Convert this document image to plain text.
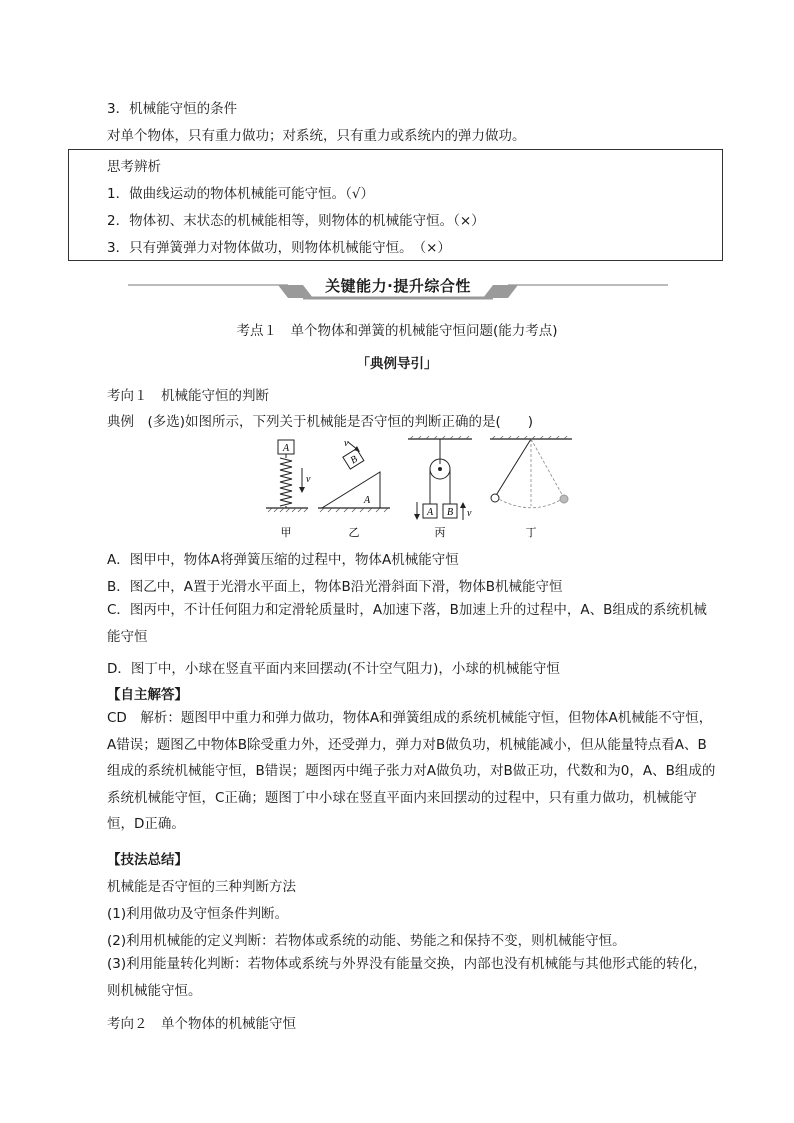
3．机械能守恒的条件
对单个物体，只有重力做功；对系统，只有重力或系统内的弹力做功。
思考辨析
1．做曲线运动的物体机械能可能守恒。（√）
2．物体初、末状态的机械能相等，则物体的机械能守恒。（×）
3．只有弹簧弹力对物体做功，则物体机械能守恒。　（×）
关键能力·提升综合性
考点１　单个物体和弹簧的机械能守恒问题(能力考点)
「典例导引」
考向１　机械能守恒的判断
典例　(多选)如图所示，下列关于机械能是否守恒的判断正确的是(　　)
A
v
A
B
v
A B v
甲	乙	丙	丁
A．图甲中，物体A将弹簧压缩的过程中，物体A机械能守恒
B．图乙中，A置于光滑水平面上，物体B沿光滑斜面下滑，物体B机械能守恒
C．图丙中，不计任何阻力和定滑轮质量时，A加速下落，B加速上升的过程中，A、B组成的系统机械能守恒
D．图丁中，小球在竖直平面内来回摆动(不计空气阻力)，小球的机械能守恒
【自主解答】
CD　解析：题图甲中重力和弹力做功，物体A和弹簧组成的系统机械能守恒，但物体A机械能不守恒，A错误；题图乙中物体B除受重力外，还受弹力，弹力对B做负功，机械能减小，但从能量特点看A、B组成的系统机械能守恒，B错误；题图丙中绳子张力对A做负功，对B做正功，代数和为0，A、B组成的系统机械能守恒，C正确；题图丁中小球在竖直平面内来回摆动的过程中，只有重力做功，机械能守恒，D正确。
【技法总结】
机械能是否守恒的三种判断方法
(1)利用做功及守恒条件判断。
(2)利用机械能的定义判断：若物体或系统的动能、势能之和保持不变，则机械能守恒。
(3)利用能量转化判断：若物体或系统与外界没有能量交换，内部也没有机械能与其他形式能的转化，则机械能守恒。
考向２　单个物体的机械能守恒
